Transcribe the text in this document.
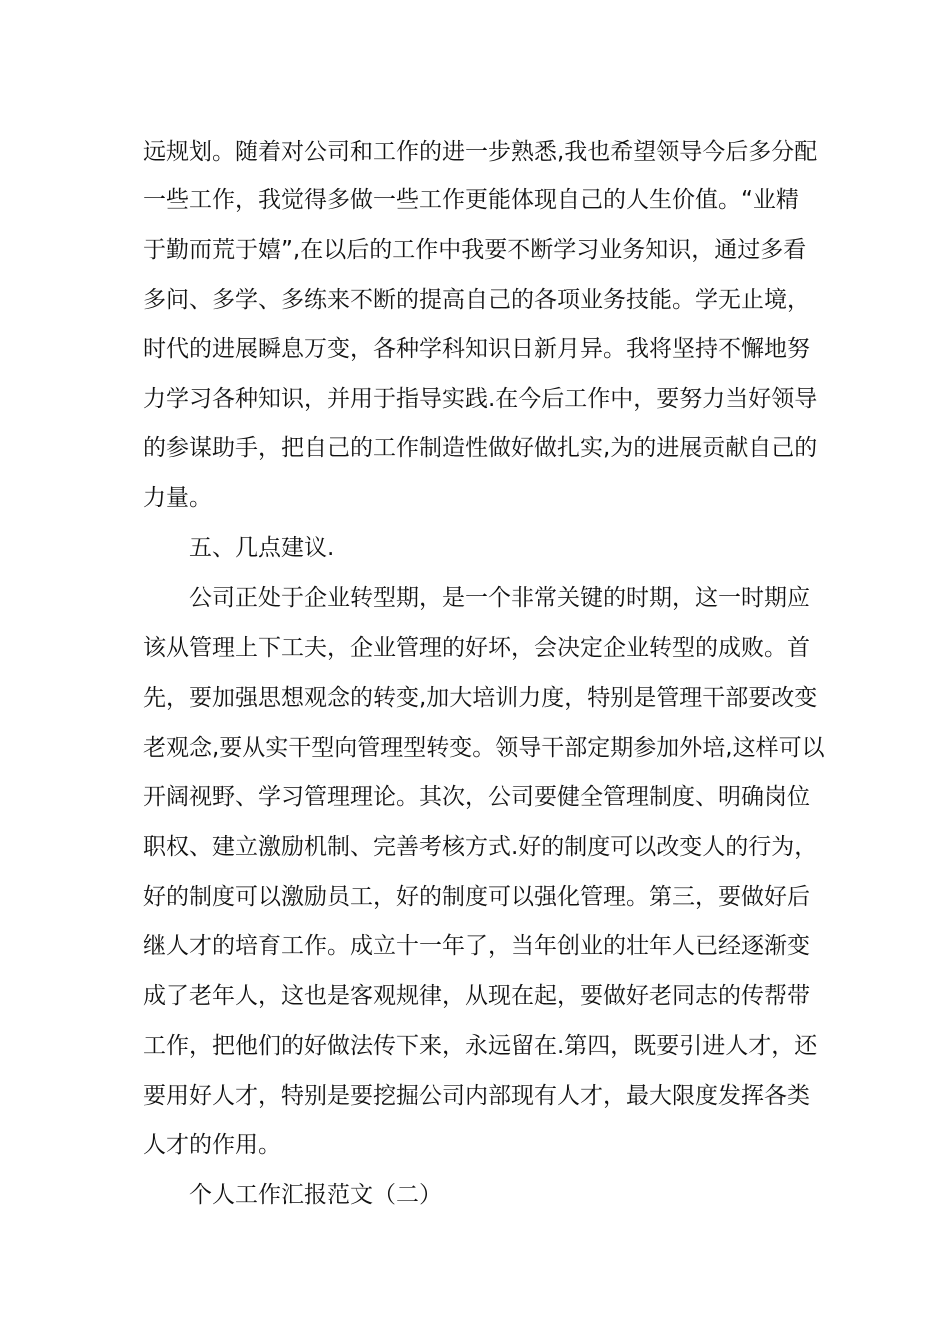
远规划。随着对公司和工作的进一步熟悉,我也希望领导今后多分配
一些工作，我觉得多做一些工作更能体现自己的人生价值。“业精
于勤而荒于嬉”,在以后的工作中我要不断学习业务知识，通过多看
多问、多学、多练来不断的提高自己的各项业务技能。学无止境，
时代的进展瞬息万变，各种学科知识日新月异。我将坚持不懈地努
力学习各种知识，并用于指导实践.在今后工作中，要努力当好领导
的参谋助手，把自己的工作制造性做好做扎实,为的进展贡献自己的
力量。
五、几点建议.
公司正处于企业转型期，是一个非常关键的时期，这一时期应
该从管理上下工夫，企业管理的好坏，会决定企业转型的成败。首
先，要加强思想观念的转变,加大培训力度，特别是管理干部要改变
老观念,要从实干型向管理型转变。领导干部定期参加外培,这样可以
开阔视野、学习管理理论。其次，公司要健全管理制度、明确岗位
职权、建立激励机制、完善考核方式.好的制度可以改变人的行为，
好的制度可以激励员工，好的制度可以强化管理。第三，要做好后
继人才的培育工作。成立十一年了，当年创业的壮年人已经逐渐变
成了老年人，这也是客观规律，从现在起，要做好老同志的传帮带
工作，把他们的好做法传下来，永远留在.第四，既要引进人才，还
要用好人才，特别是要挖掘公司内部现有人才，最大限度发挥各类
人才的作用。
个人工作汇报范文（二）
